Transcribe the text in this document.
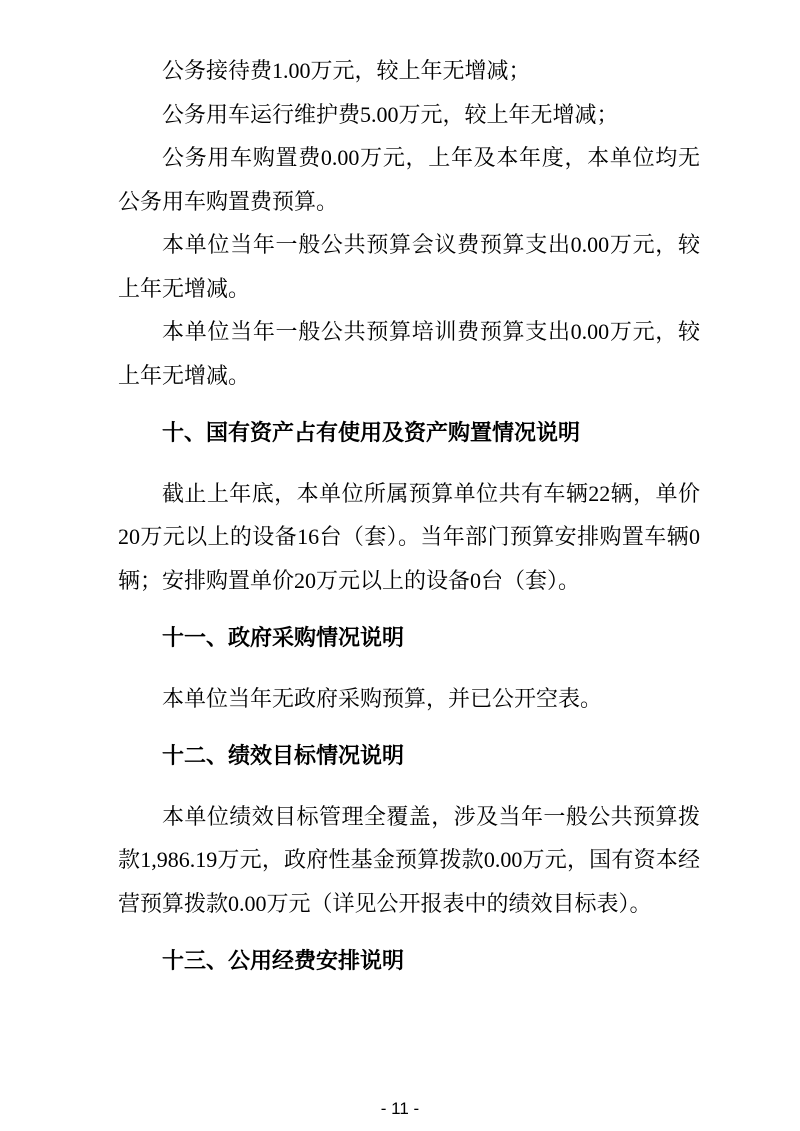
公务接待费1.00万元，较上年无增减；

公务用车运行维护费5.00万元，较上年无增减；

公务用车购置费0.00万元，上年及本年度，本单位均无公务用车购置费预算。

本单位当年一般公共预算会议费预算支出0.00万元，较上年无增减。

本单位当年一般公共预算培训费预算支出0.00万元，较上年无增减。

十、国有资产占有使用及资产购置情况说明

截止上年底，本单位所属预算单位共有车辆22辆，单价20万元以上的设备16台（套）。当年部门预算安排购置车辆0辆；安排购置单价20万元以上的设备0台（套）。

十一、政府采购情况说明

本单位当年无政府采购预算，并已公开空表。

十二、绩效目标情况说明

本单位绩效目标管理全覆盖，涉及当年一般公共预算拨款1,986.19万元，政府性基金预算拨款0.00万元，国有资本经营预算拨款0.00万元（详见公开报表中的绩效目标表）。

十三、公用经费安排说明
- 11 -
